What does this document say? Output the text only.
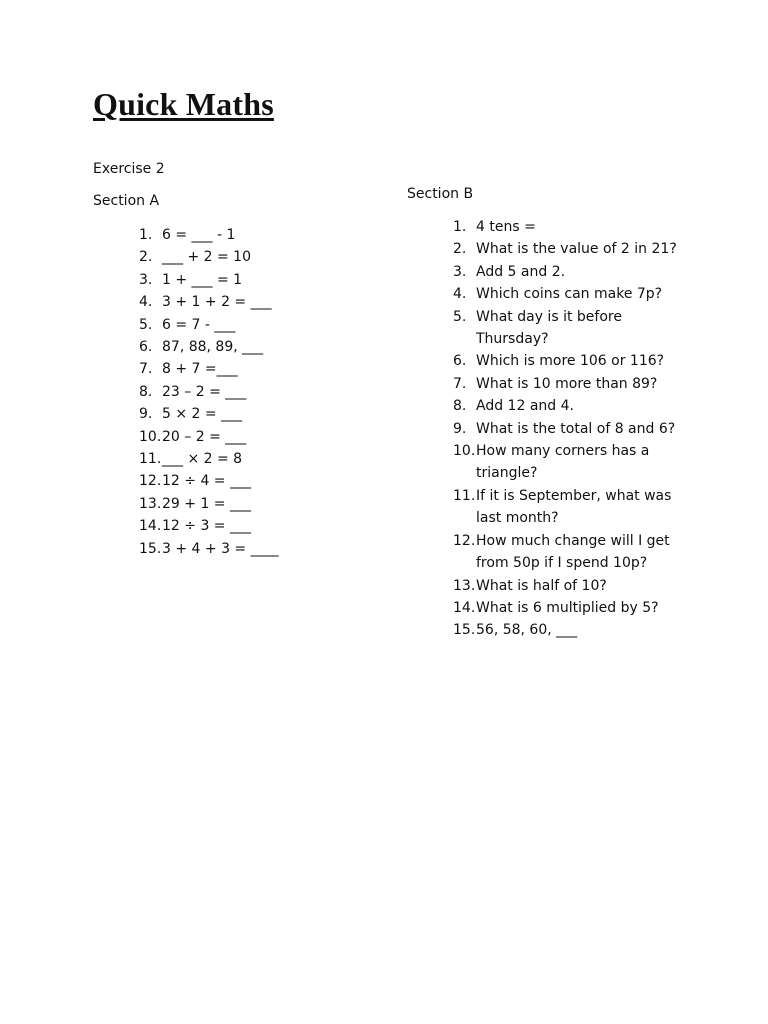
Quick Maths
Exercise 2
Section A	Section B
1. 6 = ___ - 1
2. ___ + 2 = 10
3. 1 + ___ = 1
4. 3 + 1 + 2 = ___
5. 6 = 7 - ___
6. 87, 88, 89, ___
7. 8 + 7 =___
8. 23 – 2 = ___
9. 5 × 2 = ___
10. 20 – 2 = ___
11. ___ × 2 = 8
12. 12 ÷ 4 = ___
13. 29 + 1 = ___
14. 12 ÷ 3 = ___
15. 3 + 4 + 3 = ____
1. 4 tens =
2. What is the value of 2 in 21?
3. Add 5 and 2.
4. Which coins can make 7p?
5. What day is it before Thursday?
6. Which is more 106 or 116?
7. What is 10 more than 89?
8. Add 12 and 4.
9. What is the total of 8 and 6?
10. How many corners has a triangle?
11. If it is September, what was last month?
12. How much change will I get from 50p if I spend 10p?
13. What is half of 10?
14. What is 6 multiplied by 5?
15. 56, 58, 60, ___
